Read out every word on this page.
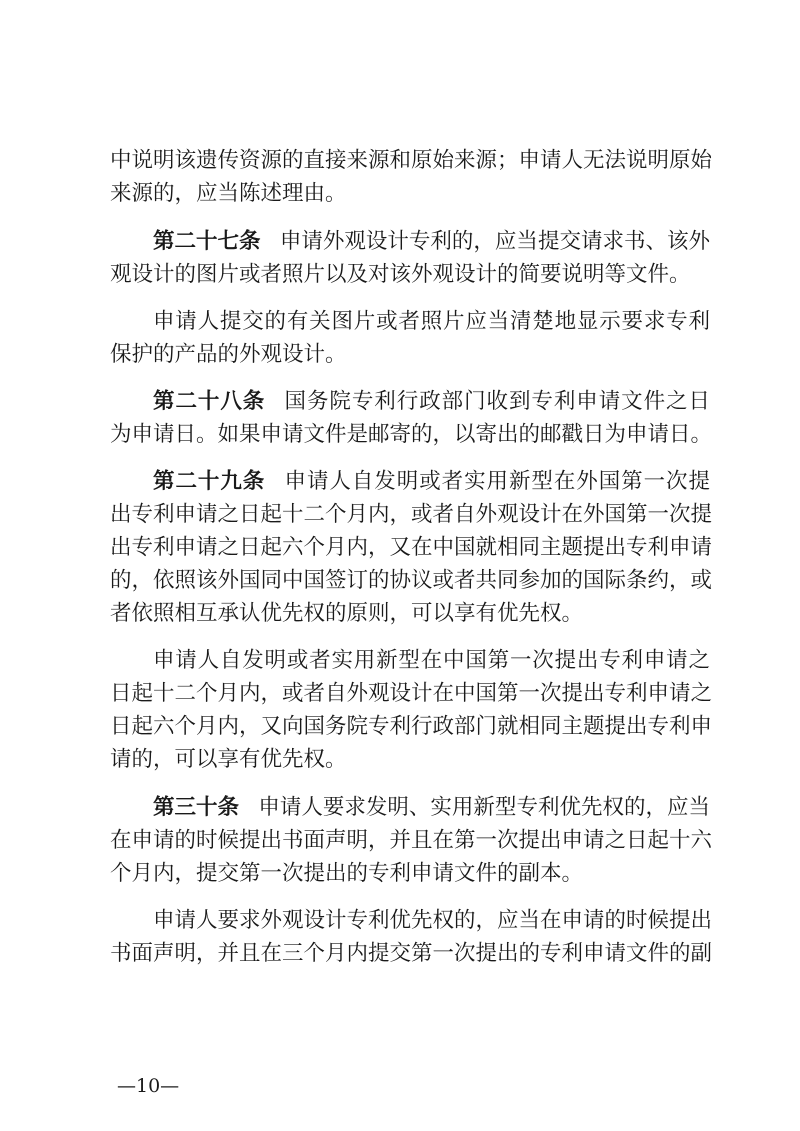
中说明该遗传资源的直接来源和原始来源；申请人无法说明原始
来源的，应当陈述理由。
第二十七条 申请外观设计专利的，应当提交请求书、该外
观设计的图片或者照片以及对该外观设计的简要说明等文件。
申请人提交的有关图片或者照片应当清楚地显示要求专利
保护的产品的外观设计。
第二十八条 国务院专利行政部门收到专利申请文件之日
为申请日。如果申请文件是邮寄的，以寄出的邮戳日为申请日。
第二十九条 申请人自发明或者实用新型在外国第一次提
出专利申请之日起十二个月内，或者自外观设计在外国第一次提
出专利申请之日起六个月内，又在中国就相同主题提出专利申请
的，依照该外国同中国签订的协议或者共同参加的国际条约，或
者依照相互承认优先权的原则，可以享有优先权。
申请人自发明或者实用新型在中国第一次提出专利申请之
日起十二个月内，或者自外观设计在中国第一次提出专利申请之
日起六个月内，又向国务院专利行政部门就相同主题提出专利申
请的，可以享有优先权。
第三十条 申请人要求发明、实用新型专利优先权的，应当
在申请的时候提出书面声明，并且在第一次提出申请之日起十六
个月内，提交第一次提出的专利申请文件的副本。
申请人要求外观设计专利优先权的，应当在申请的时候提出
书面声明，并且在三个月内提交第一次提出的专利申请文件的副
—10—
